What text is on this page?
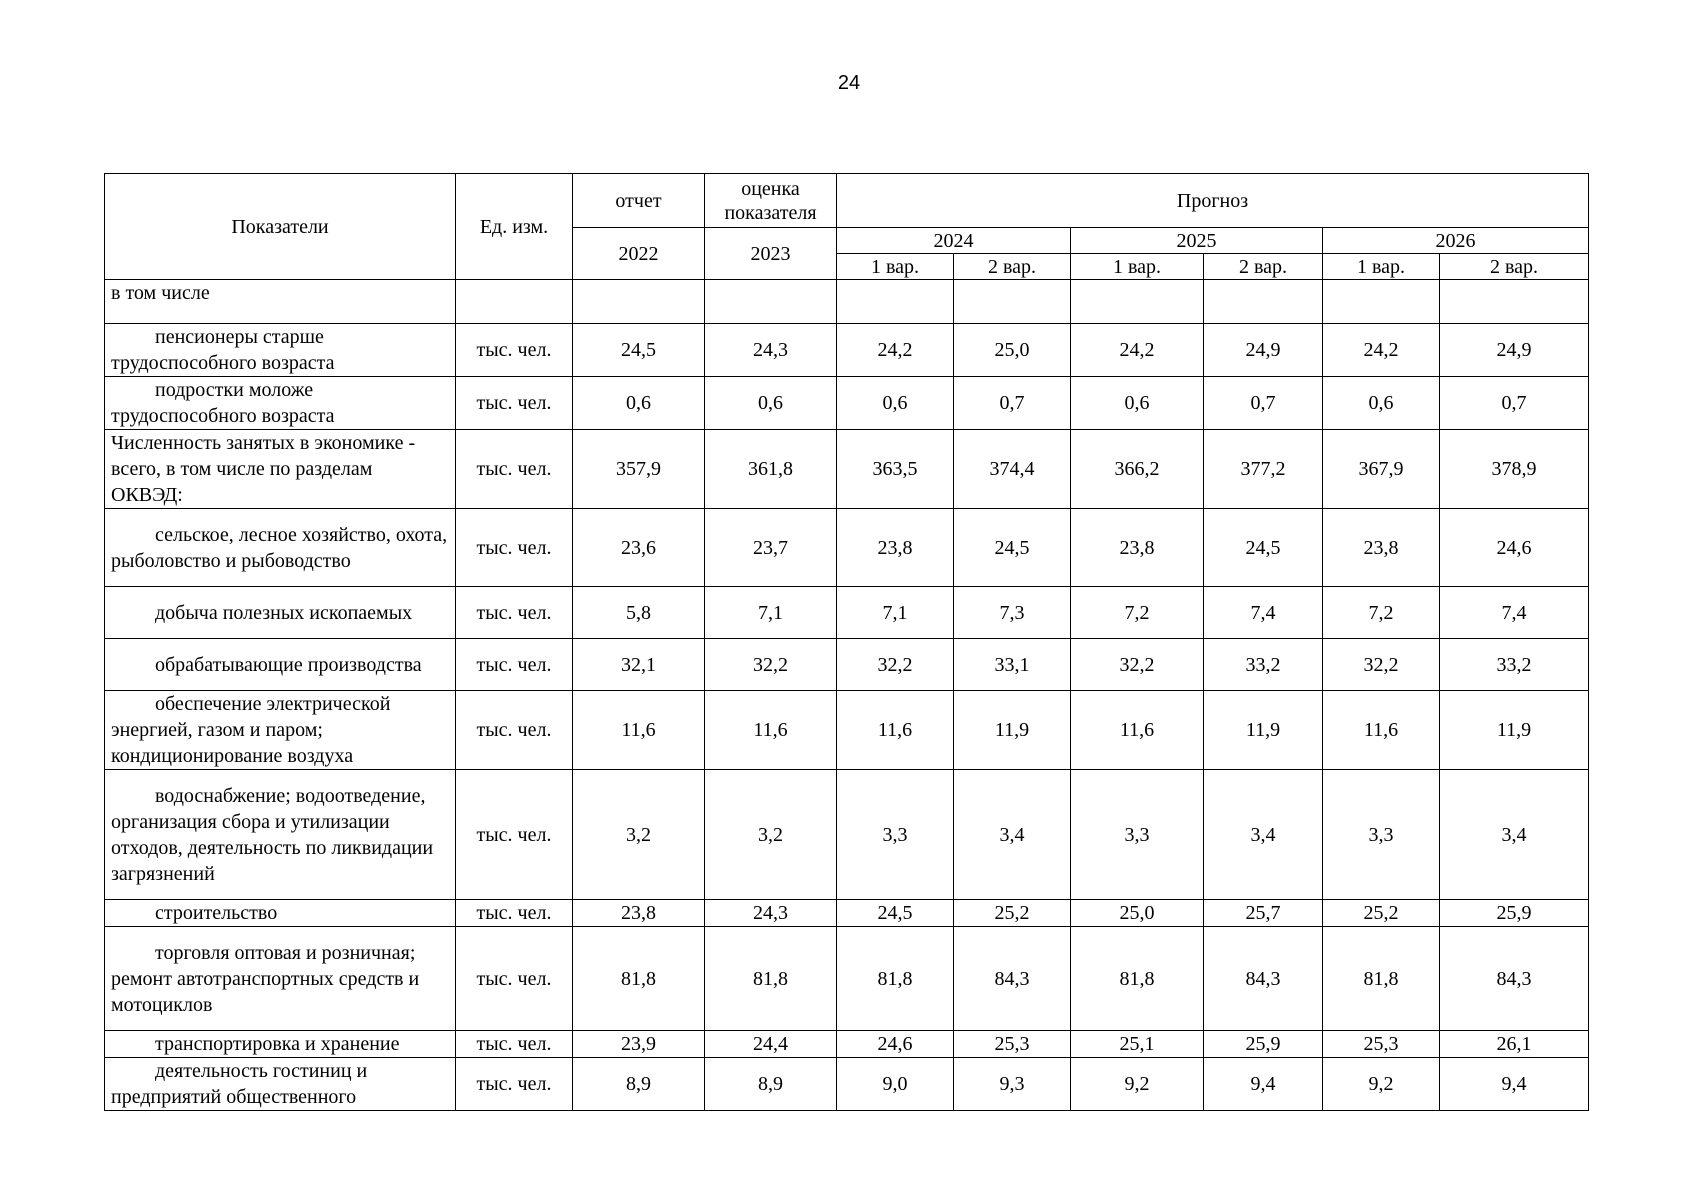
24
Показатели	Ед. изм.	отчет	оценка показателя	Прогноз					
		2022	2023	2024		2025		2026	
				1 вар.	2 вар.	1 вар.	2 вар.	1 вар.	2 вар.
в том числе									

пенсионеры старше трудоспособного возраста	тыс. чел.	24,5	24,3	24,2	25,0	24,2	24,9	24,2	24,9

подростки моложе трудоспособного возраста	тыс. чел.	0,6	0,6	0,6	0,7	0,6	0,7	0,6	0,7

Численность занятых в экономике - всего, в том числе по разделам ОКВЭД:	тыс. чел.	357,9	361,8	363,5	374,4	366,2	377,2	367,9	378,9

сельское, лесное хозяйство, охота, рыболовство и рыбоводство	тыс. чел.	23,6	23,7	23,8	24,5	23,8	24,5	23,8	24,6

добыча полезных ископаемых	тыс. чел.	5,8	7,1	7,1	7,3	7,2	7,4	7,2	7,4

обрабатывающие производства	тыс. чел.	32,1	32,2	32,2	33,1	32,2	33,2	32,2	33,2

обеспечение электрической энергией, газом и паром; кондиционирование воздуха	тыс. чел.	11,6	11,6	11,6	11,9	11,6	11,9	11,6	11,9

водоснабжение; водоотведение, организация сбора и утилизации отходов, деятельность по ликвидации загрязнений	тыс. чел.	3,2	3,2	3,3	3,4	3,3	3,4	3,3	3,4

строительство	тыс. чел.	23,8	24,3	24,5	25,2	25,0	25,7	25,2	25,9

торговля оптовая и розничная; ремонт автотранспортных средств и мотоциклов	тыс. чел.	81,8	81,8	81,8	84,3	81,8	84,3	81,8	84,3

транспортировка и хранение	тыс. чел.	23,9	24,4	24,6	25,3	25,1	25,9	25,3	26,1

деятельность гостиниц и предприятий общественного	тыс. чел.	8,9	8,9	9,0	9,3	9,2	9,4	9,2	9,4
